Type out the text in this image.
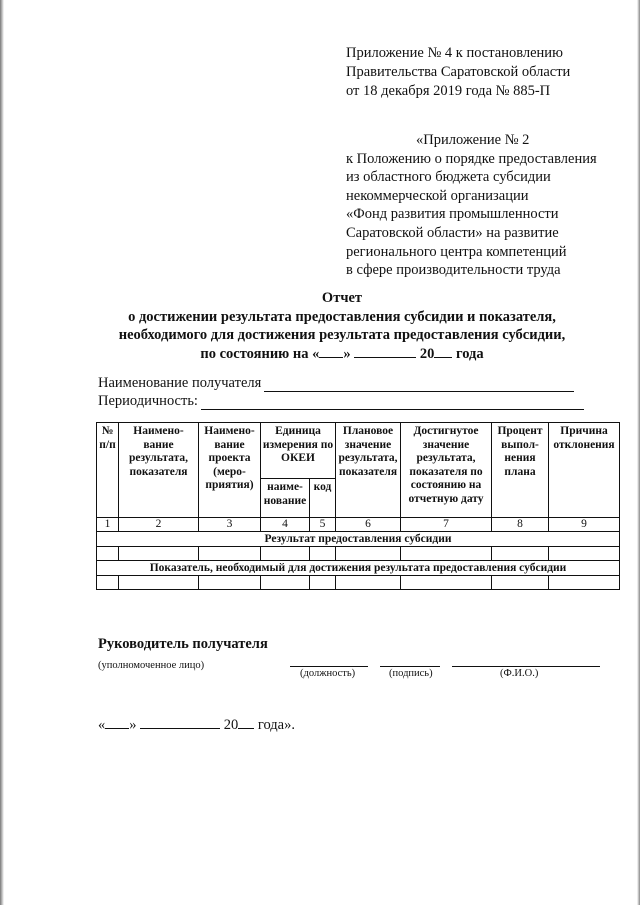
Приложение № 4 к постановлению
Правительства Саратовской области
от 18 декабря 2019 года № 885-П
«Приложение № 2
к Положению о порядке предоставления
из областного бюджета субсидии
некоммерческой организации
«Фонд развития промышленности
Саратовской области» на развитие
регионального центра компетенций
в сфере производительности труда
Отчет
о достижении результата предоставления субсидии и показателя,
необходимого для достижения результата предоставления субсидии,
по состоянию на « »	20 года
Наименование получателя
Периодичность:
№ п/п	Наимено-вание результата, показателя	Наимено-вание проекта (меро-приятия)	Единица измерения по ОКЕИ		Плановое значение результата, показателя	Достигнутое значение результата, показателя по состоянию на отчетную дату	Процент выпол-нения плана	Причина отклонения
			наиме-нование	код				
1	2	3	4	5	6	7	8	9
Результат предоставления субсидии								

Показатель, необходимый для достижения результата предоставления субсидии								

Руководитель получателя
(уполномоченное лицо)
(должность)	(подпись)	(Ф.И.О.)
« »	20 года».
